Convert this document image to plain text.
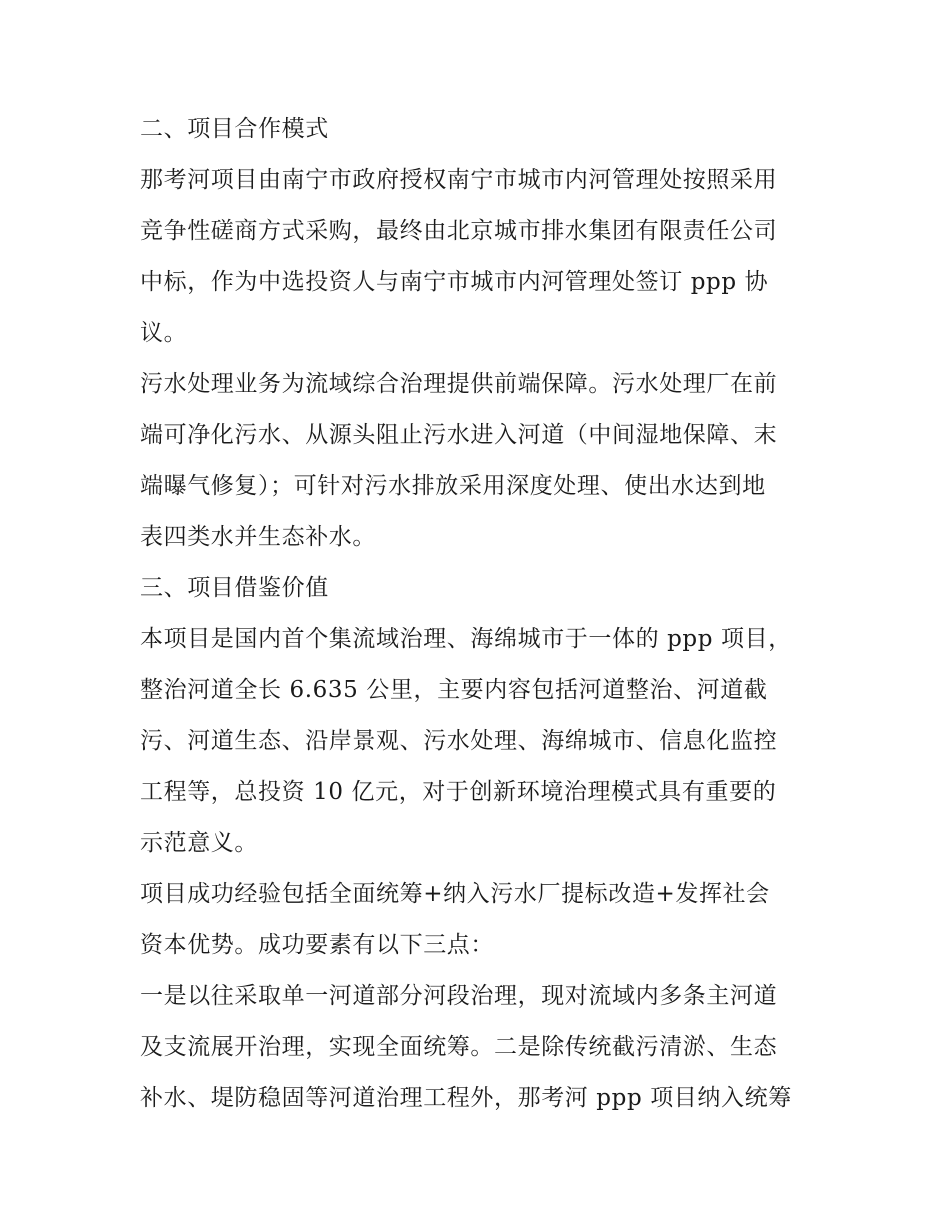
二、项目合作模式
那考河项目由南宁市政府授权南宁市城市内河管理处按照采用
竞争性磋商方式采购，最终由北京城市排水集团有限责任公司
中标，作为中选投资人与南宁市城市内河管理处签订 ppp 协
议。
污水处理业务为流域综合治理提供前端保障。污水处理厂在前
端可净化污水、从源头阻止污水进入河道（中间湿地保障、末
端曝气修复）；可针对污水排放采用深度处理、使出水达到地
表四类水并生态补水。
三、项目借鉴价值
本项目是国内首个集流域治理、海绵城市于一体的 ppp 项目，
整治河道全长 6.635 公里，主要内容包括河道整治、河道截
污、河道生态、沿岸景观、污水处理、海绵城市、信息化监控
工程等，总投资 10 亿元，对于创新环境治理模式具有重要的
示范意义。
项目成功经验包括全面统筹+纳入污水厂提标改造+发挥社会
资本优势。成功要素有以下三点：
一是以往采取单一河道部分河段治理，现对流域内多条主河道
及支流展开治理，实现全面统筹。二是除传统截污清淤、生态
补水、堤防稳固等河道治理工程外，那考河 ppp 项目纳入统筹
